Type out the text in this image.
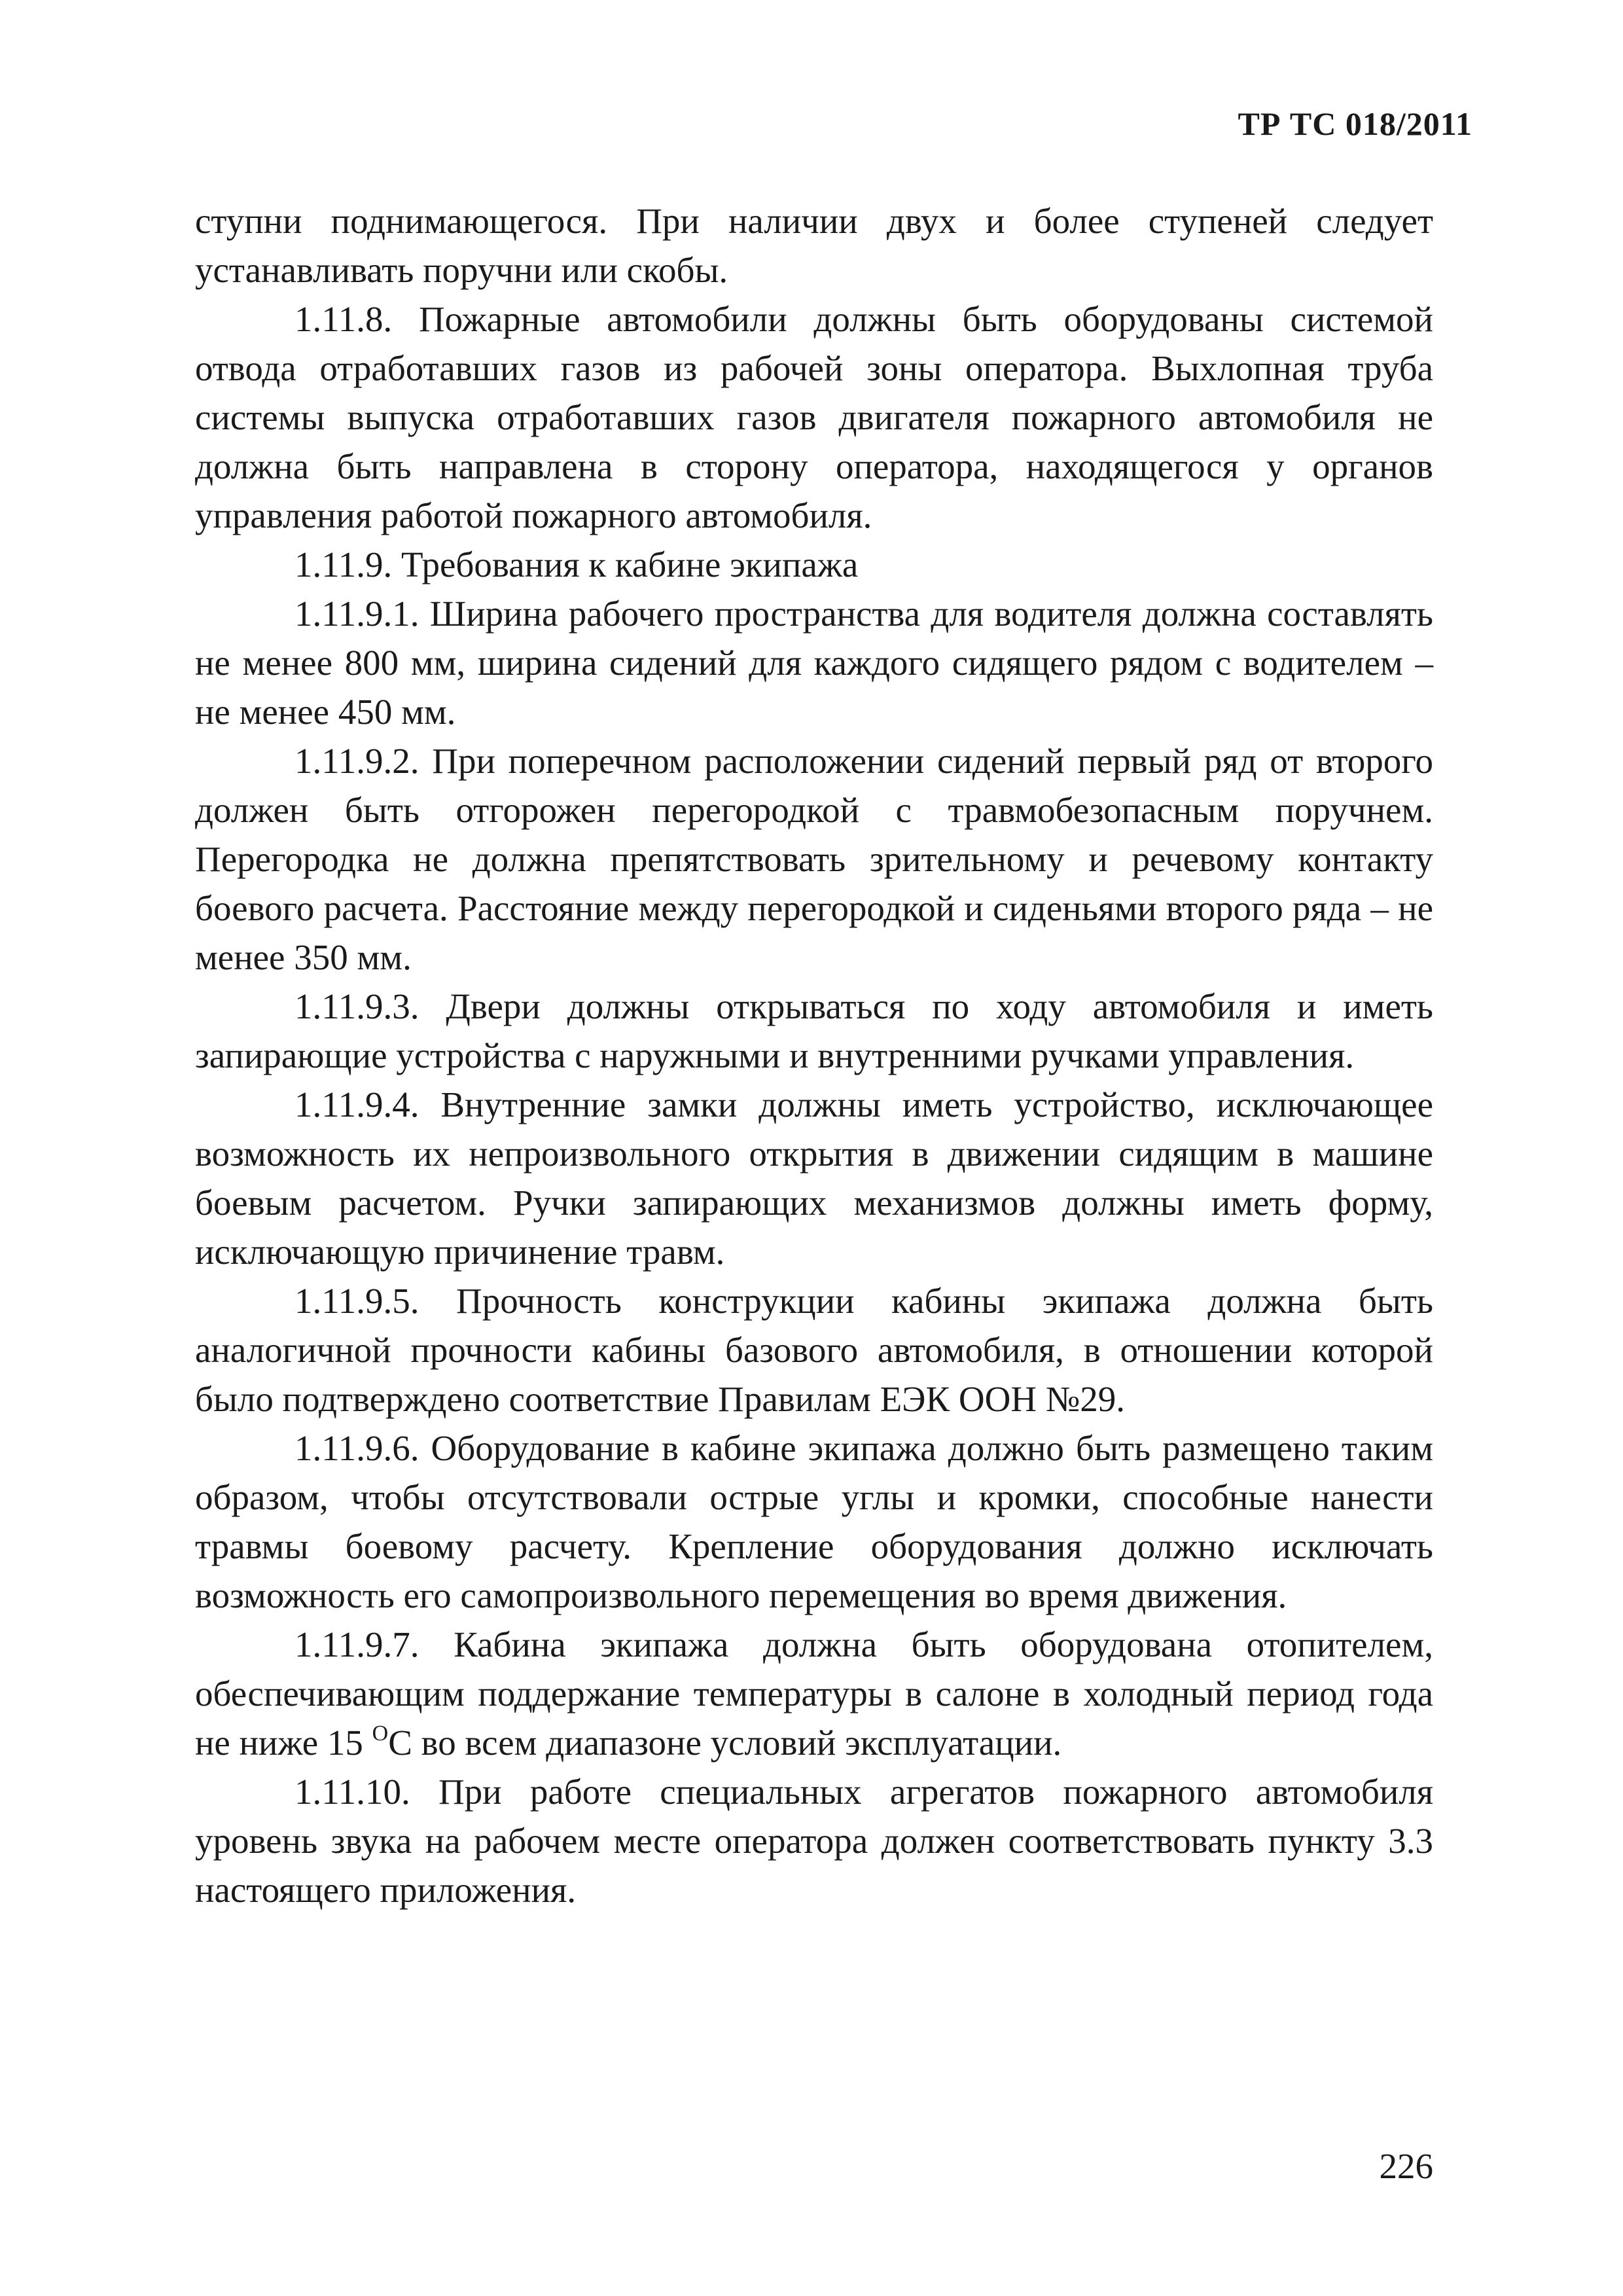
ТР ТС 018/2011

ступни поднимающегося. При наличии двух и более ступеней следует устанавливать поручни или скобы.

1.11.8. Пожарные автомобили должны быть оборудованы системой отвода отработавших газов из рабочей зоны оператора. Выхлопная труба системы выпуска отработавших газов двигателя пожарного автомобиля не должна быть направлена в сторону оператора, находящегося у органов управления работой пожарного автомобиля.

1.11.9. Требования к кабине экипажа

1.11.9.1. Ширина рабочего пространства для водителя должна составлять не менее 800 мм, ширина сидений для каждого сидящего рядом с водителем – не менее 450 мм.

1.11.9.2. При поперечном расположении сидений первый ряд от второго должен быть отгорожен перегородкой с травмобезопасным поручнем. Перегородка не должна препятствовать зрительному и речевому контакту боевого расчета. Расстояние между перегородкой и сиденьями второго ряда – не менее 350 мм.

1.11.9.3. Двери должны открываться по ходу автомобиля и иметь запирающие устройства с наружными и внутренними ручками управления.

1.11.9.4. Внутренние замки должны иметь устройство, исключающее возможность их непроизвольного открытия в движении сидящим в машине боевым расчетом. Ручки запирающих механизмов должны иметь форму, исключающую причинение травм.

1.11.9.5. Прочность конструкции кабины экипажа должна быть аналогичной прочности кабины базового автомобиля, в отношении которой было подтверждено соответствие Правилам ЕЭК ООН №29.

1.11.9.6. Оборудование в кабине экипажа должно быть размещено таким образом, чтобы отсутствовали острые углы и кромки, способные нанести травмы боевому расчету. Крепление оборудования должно исключать возможность его самопроизвольного перемещения во время движения.

1.11.9.7. Кабина экипажа должна быть оборудована отопителем, обеспечивающим поддержание температуры в салоне в холодный период года не ниже 15 $^О$С во всем диапазоне условий эксплуатации.

1.11.10. При работе специальных агрегатов пожарного автомобиля уровень звука на рабочем месте оператора должен соответствовать пункту 3.3 настоящего приложения.

226
